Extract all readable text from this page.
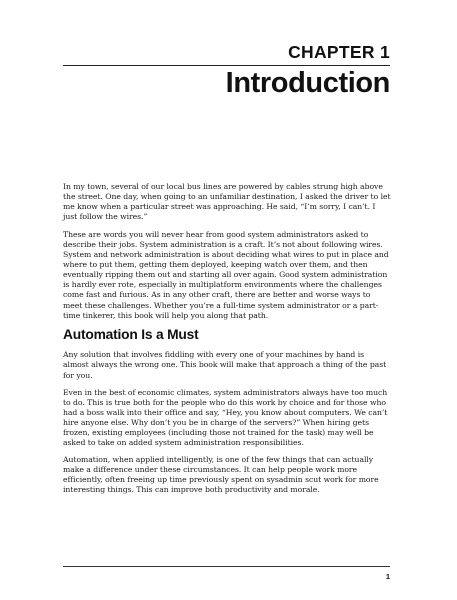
CHAPTER 1
Introduction

In my town, several of our local bus lines are powered by cables strung high above the street. One day, when going to an unfamiliar destination, I asked the driver to let me know when a particular street was approaching. He said, “I’m sorry, I can’t. I just follow the wires.”

These are words you will never hear from good system administrators asked to describe their jobs. System administration is a craft. It’s not about following wires. System and network administration is about deciding what wires to put in place and where to put them, getting them deployed, keeping watch over them, and then eventually ripping them out and starting all over again. Good system administration is hardly ever rote, especially in multiplatform environments where the challenges come fast and furious. As in any other craft, there are better and worse ways to meet these challenges. Whether you’re a full-time system administrator or a part-time tinkerer, this book will help you along that path.

Automation Is a Must

Any solution that involves fiddling with every one of your machines by hand is almost always the wrong one. This book will make that approach a thing of the past for you.

Even in the best of economic climates, system administrators always have too much to do. This is true both for the people who do this work by choice and for those who had a boss walk into their office and say, “Hey, you know about computers. We can’t hire anyone else. Why don’t you be in charge of the servers?” When hiring gets frozen, existing employees (including those not trained for the task) may well be asked to take on added system administration responsibilities.

Automation, when applied intelligently, is one of the few things that can actually make a difference under these circumstances. It can help people work more efficiently, often freeing up time previously spent on sysadmin scut work for more interesting things. This can improve both productivity and morale.

1
